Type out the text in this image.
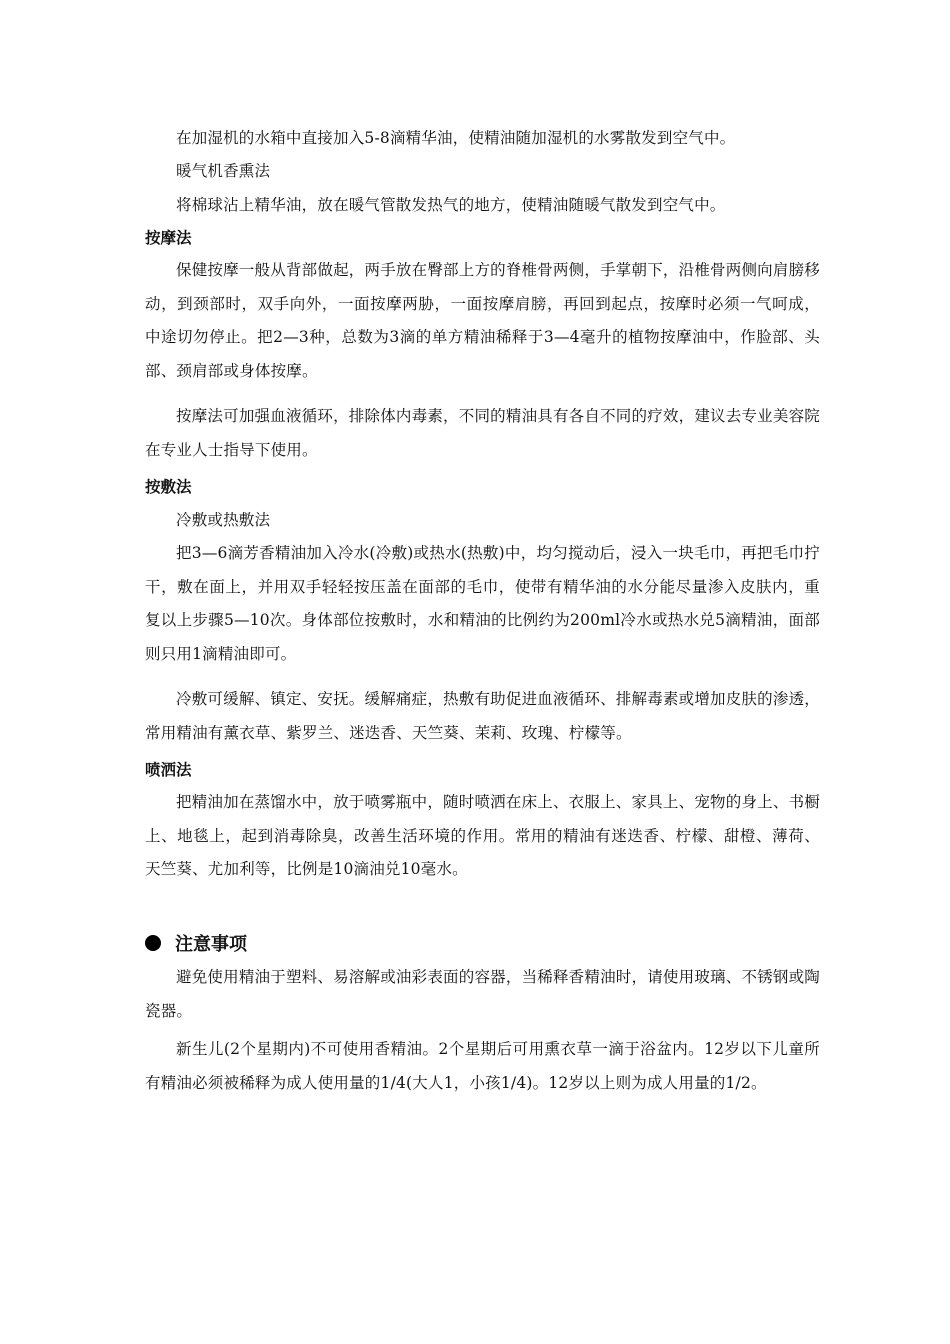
在加湿机的水箱中直接加入5-8滴精华油，使精油随加湿机的水雾散发到空气中。

暖气机香熏法

将棉球沾上精华油，放在暖气管散发热气的地方，使精油随暖气散发到空气中。

按摩法

保健按摩一般从背部做起，两手放在臀部上方的脊椎骨两侧，手掌朝下，沿椎骨两侧向肩膀移动，到颈部时，双手向外，一面按摩两胁，一面按摩肩膀，再回到起点，按摩时必须一气呵成，中途切勿停止。把2—3种，总数为3滴的单方精油稀释于3—4毫升的植物按摩油中，作脸部、头部、颈肩部或身体按摩。

按摩法可加强血液循环，排除体内毒素，不同的精油具有各自不同的疗效，建议去专业美容院在专业人士指导下使用。

按敷法

冷敷或热敷法

把3—6滴芳香精油加入冷水(冷敷)或热水(热敷)中，均匀搅动后，浸入一块毛巾，再把毛巾拧干，敷在面上，并用双手轻轻按压盖在面部的毛巾，使带有精华油的水分能尽量渗入皮肤内，重复以上步骤5—10次。身体部位按敷时，水和精油的比例约为200ml冷水或热水兑5滴精油，面部则只用1滴精油即可。

冷敷可缓解、镇定、安抚。缓解痛症，热敷有助促进血液循环、排解毒素或增加皮肤的渗透，常用精油有薰衣草、紫罗兰、迷迭香、天竺葵、茉莉、玫瑰、柠檬等。

喷洒法

把精油加在蒸馏水中，放于喷雾瓶中，随时喷洒在床上、衣服上、家具上、宠物的身上、书橱上、地毯上，起到消毒除臭，改善生活环境的作用。常用的精油有迷迭香、柠檬、甜橙、薄荷、天竺葵、尤加利等，比例是10滴油兑10毫水。

注意事项

避免使用精油于塑料、易溶解或油彩表面的容器，当稀释香精油时，请使用玻璃、不锈钢或陶瓷器。

新生儿(2个星期内)不可使用香精油。2个星期后可用熏衣草一滴于浴盆内。12岁以下儿童所有精油必须被稀释为成人使用量的1/4(大人1，小孩1/4)。12岁以上则为成人用量的1/2。
